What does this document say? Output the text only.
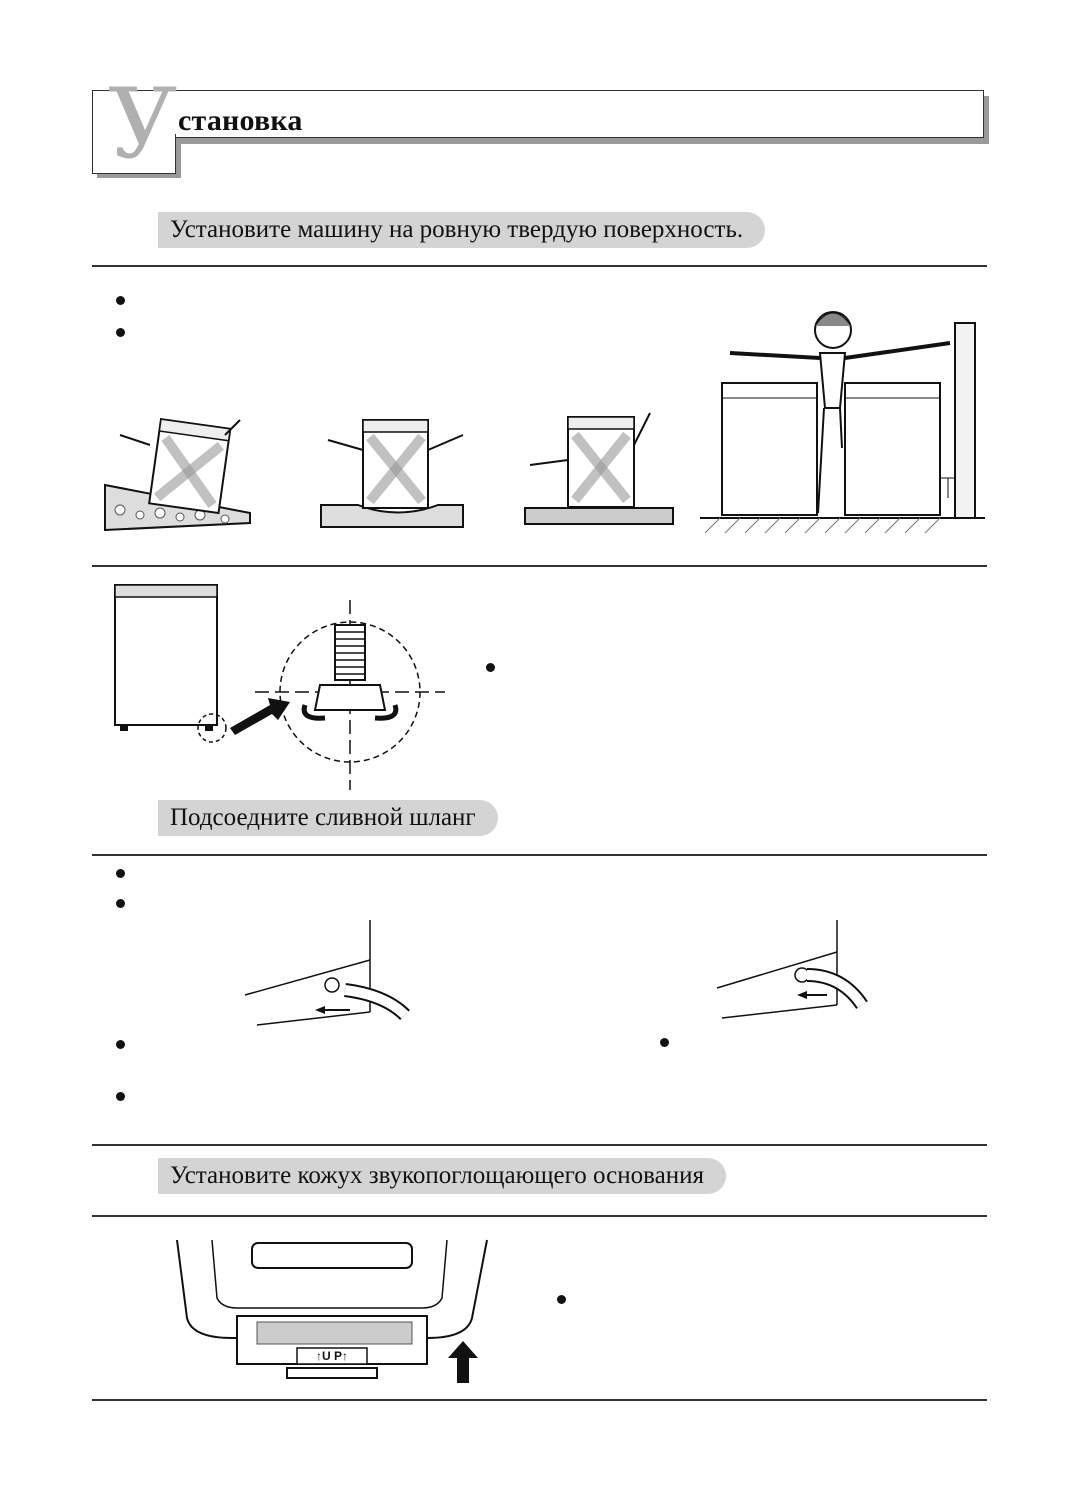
У становка
Установите машину на ровную твердую поверхность.
Подсоедните сливной шланг
Установите кожух звукопоглощающего основания
↑U P↑
